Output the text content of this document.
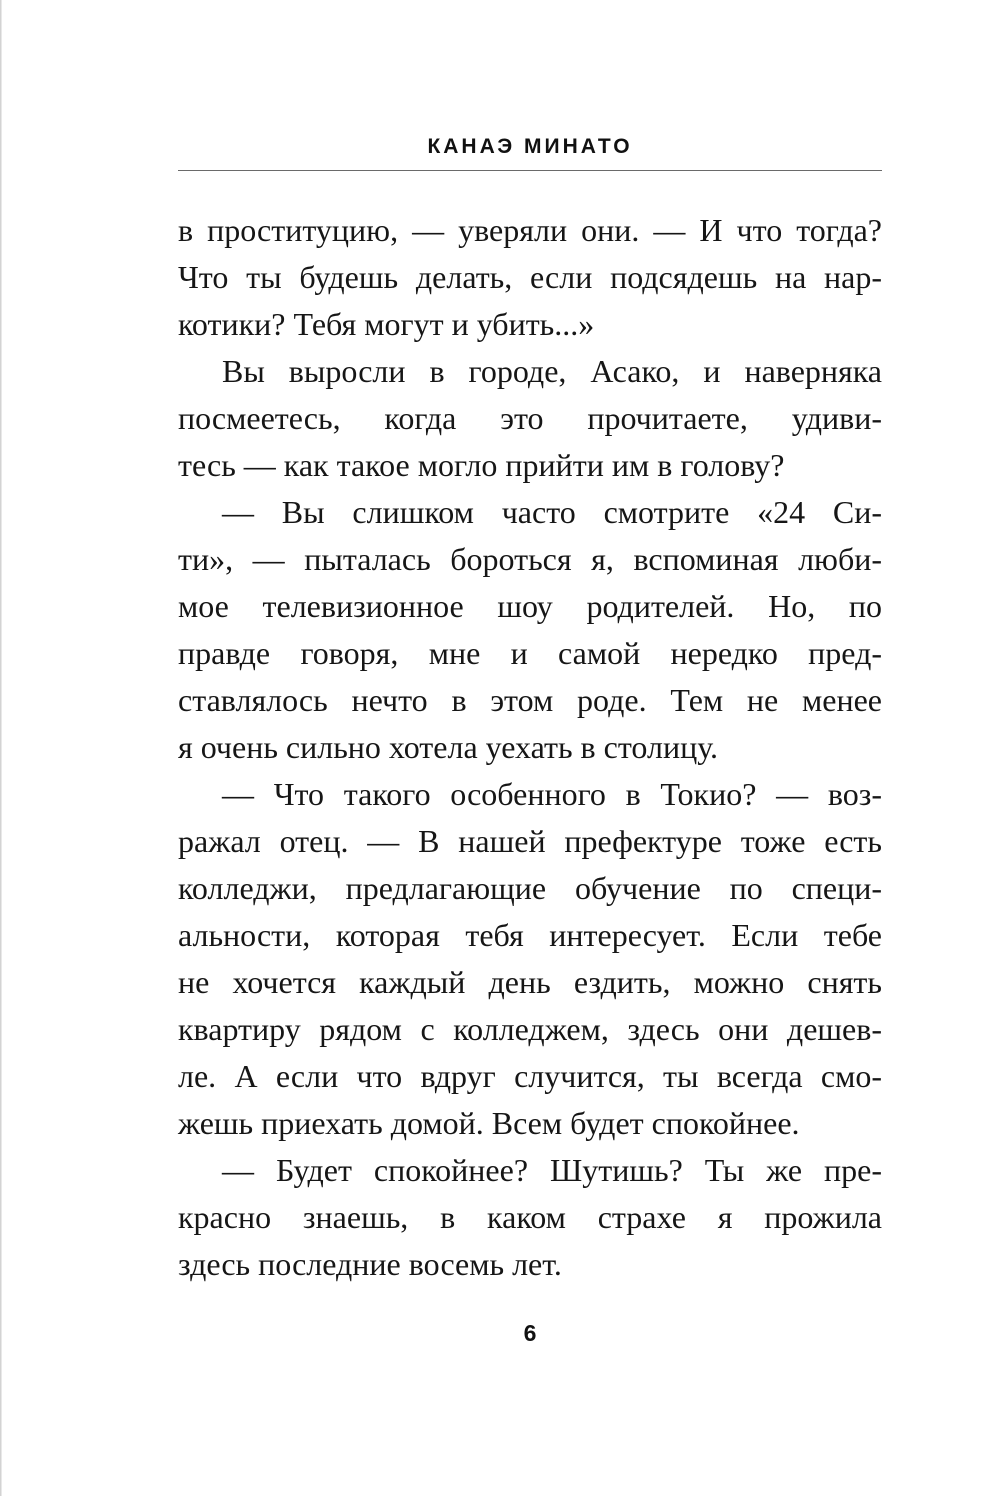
КАНАЭ МИНАТО
в проституцию, — уверяли они. — И что тогда?
Что ты будешь делать, если подсядешь на нар-
котики? Тебя могут и убить...»
Вы выросли в городе, Асако, и наверняка
посмеетесь, когда это прочитаете, удиви-
тесь — как такое могло прийти им в голову?
— Вы слишком часто смотрите «24 Си-
ти», — пыталась бороться я, вспоминая люби-
мое телевизионное шоу родителей. Но, по
правде говоря, мне и самой нередко пред-
ставлялось нечто в этом роде. Тем не менее
я очень сильно хотела уехать в столицу.
— Что такого особенного в Токио? — воз-
ражал отец. — В нашей префектуре тоже есть
колледжи, предлагающие обучение по специ-
альности, которая тебя интересует. Если тебе
не хочется каждый день ездить, можно снять
квартиру рядом с колледжем, здесь они дешев-
ле. А если что вдруг случится, ты всегда смо-
жешь приехать домой. Всем будет спокойнее.
— Будет спокойнее? Шутишь? Ты же пре-
красно знаешь, в каком страхе я прожила
здесь последние восемь лет.
6
